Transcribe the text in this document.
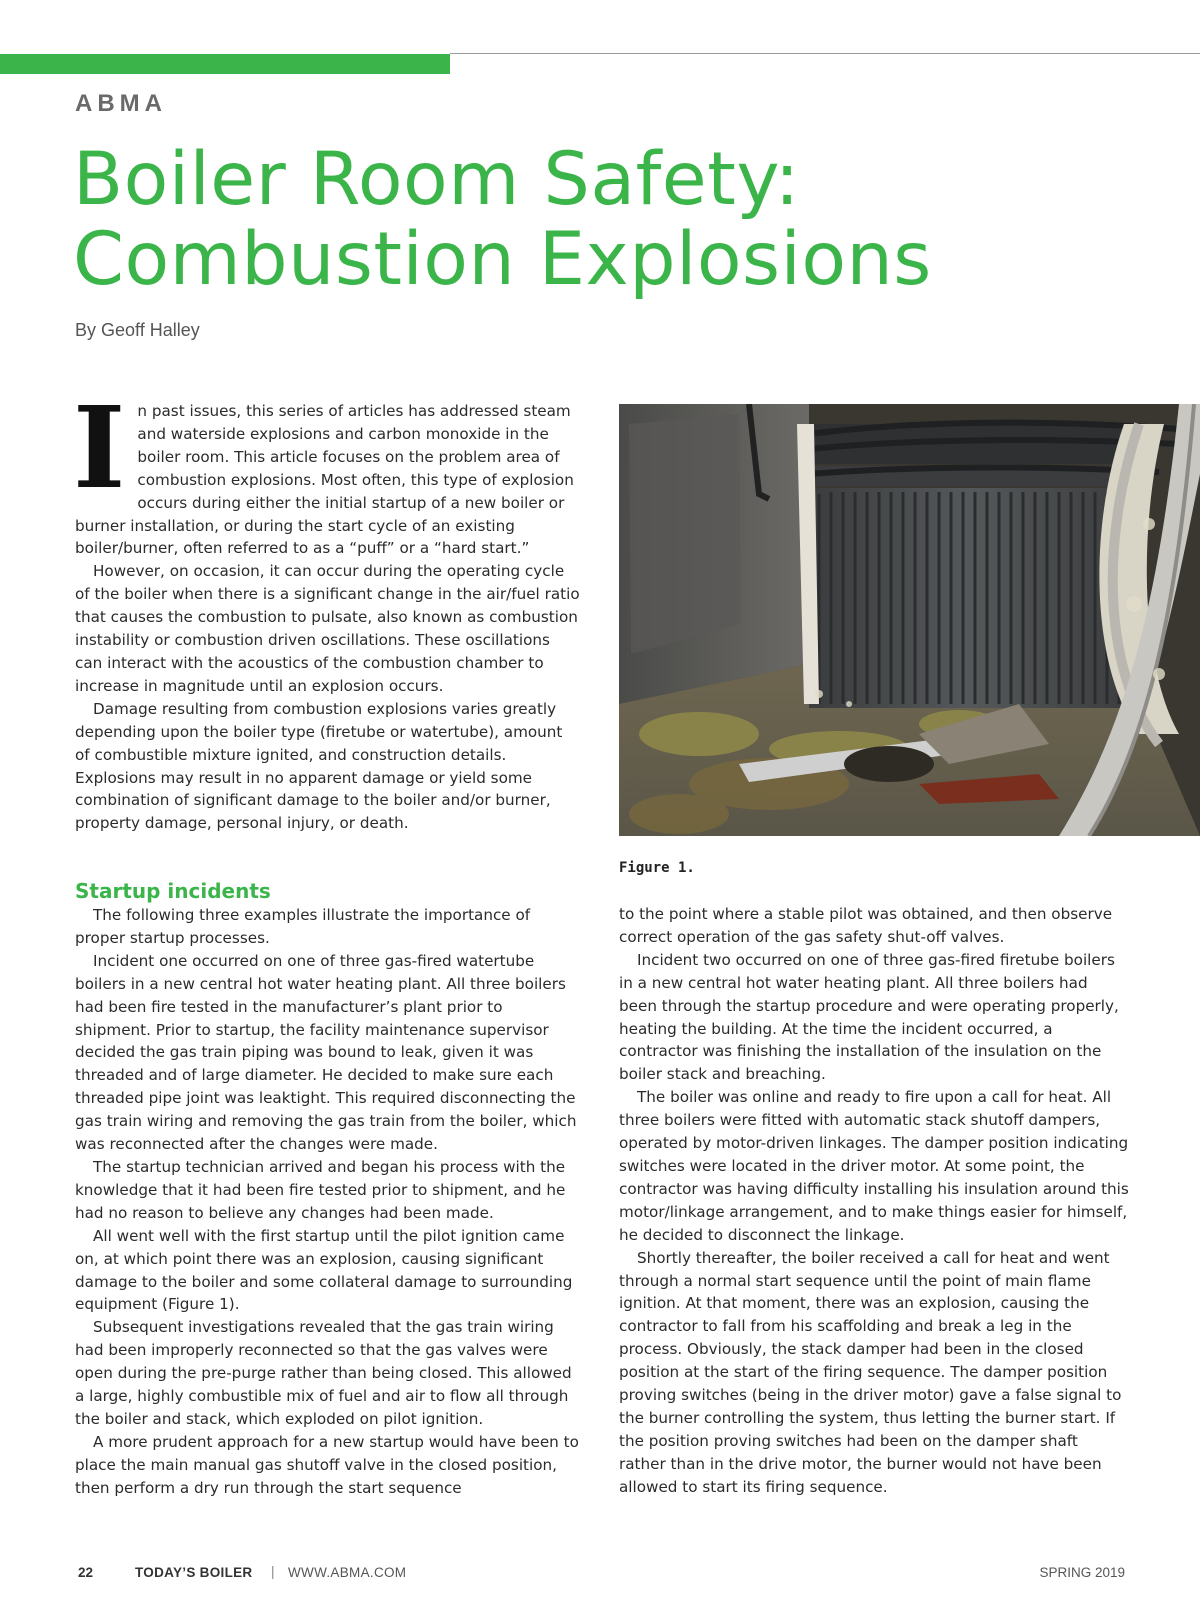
ABMA
Boiler Room Safety:
Combustion Explosions
By Geoff Halley
I n past issues, this series of articles has addressed steam and waterside explosions and carbon monoxide in the boiler room. This article focuses on the problem area of combustion explosions. Most often, this type of explosion occurs during either the initial startup of a new boiler or burner installation, or during the start cycle of an existing boiler/burner, often referred to as a “puff” or a “hard start.”

However, on occasion, it can occur during the operating cycle of the boiler when there is a significant change in the air/fuel ratio that causes the combustion to pulsate, also known as combustion instability or combustion driven oscillations. These oscillations can interact with the acoustics of the combustion chamber to increase in magnitude until an explosion occurs.

Damage resulting from combustion explosions varies greatly depending upon the boiler type (firetube or watertube), amount of combustible mixture ignited, and construction details. Explosions may result in no apparent damage or yield some combination of significant damage to the boiler and/or burner, property damage, personal injury, or death.

Figure 1.
Startup incidents

The following three examples illustrate the importance of proper startup processes.

Incident one occurred on one of three gas-fired watertube boilers in a new central hot water heating plant. All three boilers had been fire tested in the manufacturer’s plant prior to shipment. Prior to startup, the facility maintenance supervisor decided the gas train piping was bound to leak, given it was threaded and of large diameter. He decided to make sure each threaded pipe joint was leaktight. This required disconnecting the gas train wiring and removing the gas train from the boiler, which was reconnected after the changes were made.

The startup technician arrived and began his process with the knowledge that it had been fire tested prior to shipment, and he had no reason to believe any changes had been made.

All went well with the first startup until the pilot ignition came on, at which point there was an explosion, causing significant damage to the boiler and some collateral damage to surrounding equipment (Figure 1).

Subsequent investigations revealed that the gas train wiring had been improperly reconnected so that the gas valves were open during the pre-purge rather than being closed. This allowed a large, highly combustible mix of fuel and air to flow all through the boiler and stack, which exploded on pilot ignition.

A more prudent approach for a new startup would have been to place the main manual gas shutoff valve in the closed position, then perform a dry run through the start sequence

to the point where a stable pilot was obtained, and then observe correct operation of the gas safety shut-off valves.

Incident two occurred on one of three gas-fired firetube boilers in a new central hot water heating plant. All three boilers had been through the startup procedure and were operating properly, heating the building. At the time the incident occurred, a contractor was finishing the installation of the insulation on the boiler stack and breaching.

The boiler was online and ready to fire upon a call for heat. All three boilers were fitted with automatic stack shutoff dampers, operated by motor-driven linkages. The damper position indicating switches were located in the driver motor. At some point, the contractor was having difficulty installing his insulation around this motor/linkage arrangement, and to make things easier for himself, he decided to disconnect the linkage.

Shortly thereafter, the boiler received a call for heat and went through a normal start sequence until the point of main flame ignition. At that moment, there was an explosion, causing the contractor to fall from his scaffolding and break a leg in the process. Obviously, the stack damper had been in the closed position at the start of the firing sequence. The damper position proving switches (being in the driver motor) gave a false signal to the burner controlling the system, thus letting the burner start. If the position proving switches had been on the damper shaft rather than in the drive motor, the burner would not have been allowed to start its firing sequence.

22	TODAY’S BOILER | WWW.ABMA.COM	SPRING 2019
